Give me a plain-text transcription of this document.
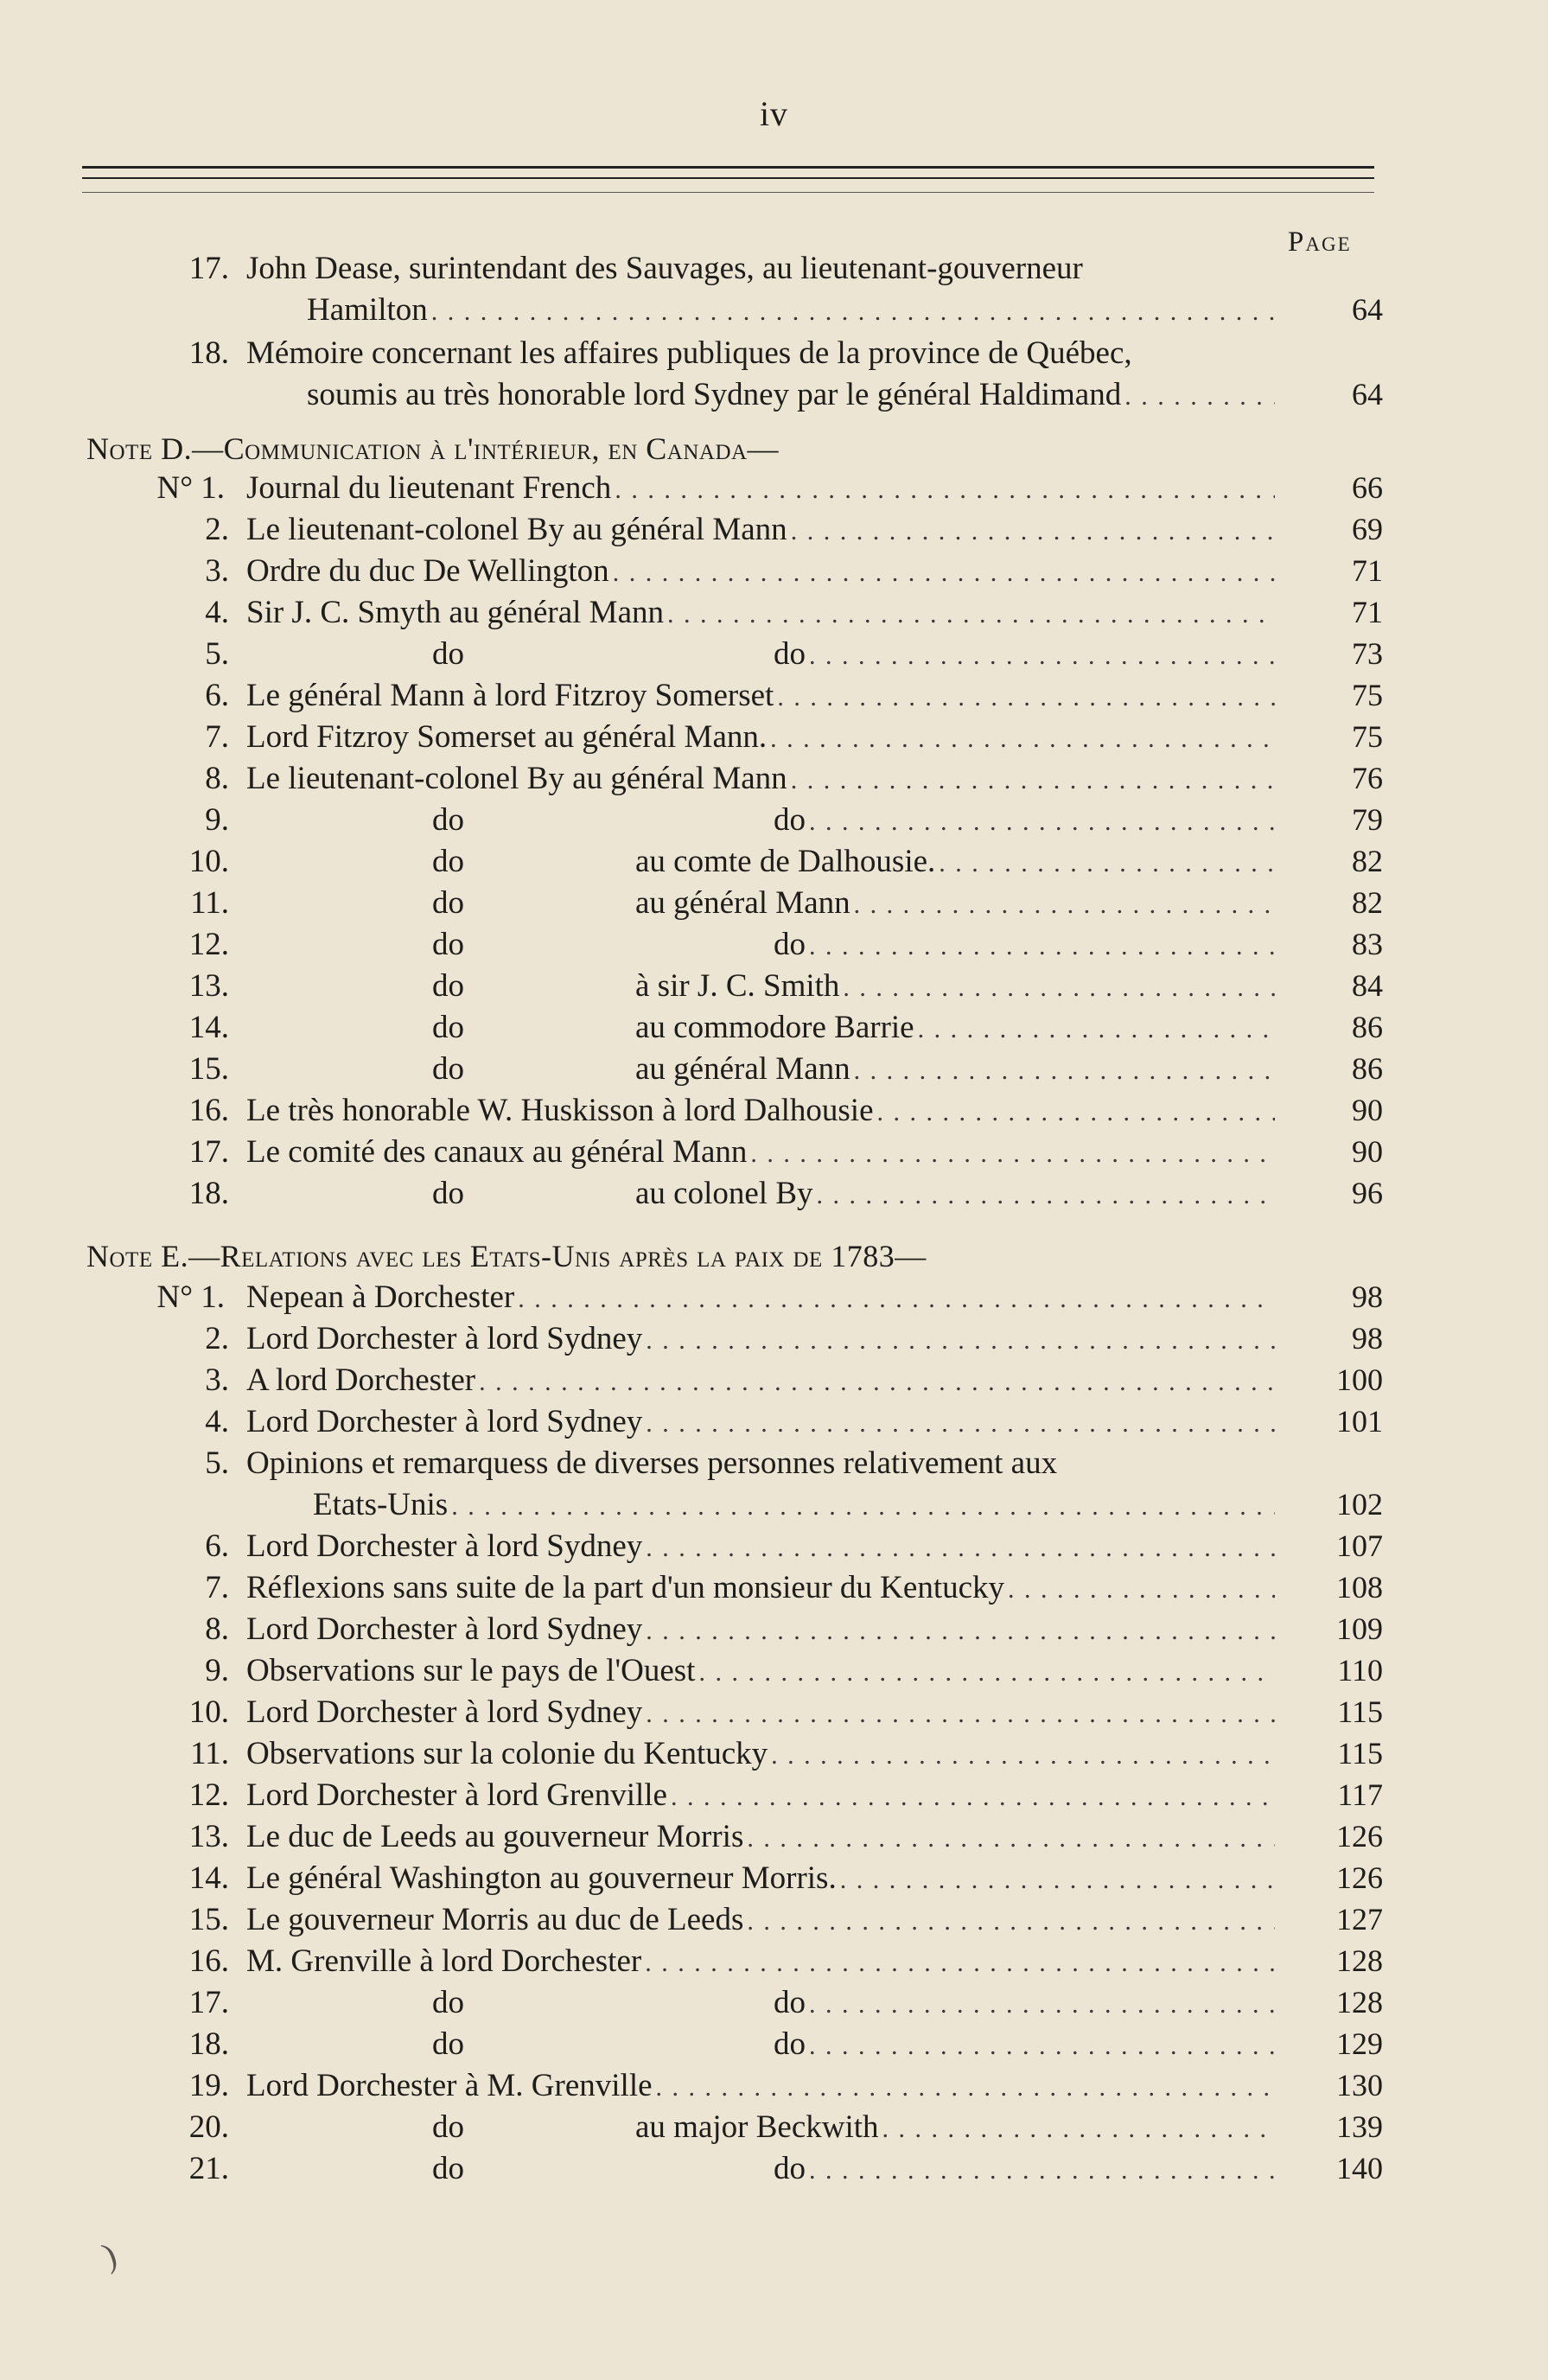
iv
Page
17. John Dease, surintendant des Sauvages, au lieutenant-gouverneur
Hamilton . . .	64
18. Mémoire concernant les affaires publiques de la province de Québec,
soumis au très honorable lord Sydney par le général Haldimand . . .	64
Note D.—Communication à l'intérieur, en Canada—
N° 1. Journal du lieutenant French . . .	66
2. Le lieutenant-colonel By au général Mann . . .	69
3. Ordre du duc De Wellington . . .	71
4. Sir J. C. Smyth au général Mann . . .	71
5.	do	do . . .	73
6. Le général Mann à lord Fitzroy Somerset . . .	75
7. Lord Fitzroy Somerset au général Mann. . . .	75
8. Le lieutenant-colonel By au général Mann . . .	76
9.	do	do . . .	79
10.	do	au comte de Dalhousie. . . .	82
11.	do	au général Mann . . .	82
12.	do	do . . .	83
13.	do	à sir J. C. Smith . . .	84
14.	do	au commodore Barrie . . .	86
15.	do	au général Mann . . .	86
16. Le très honorable W. Huskisson à lord Dalhousie . . .	90
17. Le comité des canaux au général Mann . . .	90
18.	do	au colonel By . . .	96
Note E.—Relations avec les Etats-Unis après la paix de 1783—
N° 1. Nepean à Dorchester . . .	98
2. Lord Dorchester à lord Sydney . . .	98
3. A lord Dorchester . . .	100
4. Lord Dorchester à lord Sydney . . .	101
5. Opinions et remarquess de diverses personnes relativement aux
Etats-Unis . . .	102
6. Lord Dorchester à lord Sydney . . .	107
7. Réflexions sans suite de la part d'un monsieur du Kentucky . . .	108
8. Lord Dorchester à lord Sydney . . .	109
9. Observations sur le pays de l'Ouest . . .	110
10. Lord Dorchester à lord Sydney . . .	115
11. Observations sur la colonie du Kentucky . . .	115
12. Lord Dorchester à lord Grenville . . .	117
13. Le duc de Leeds au gouverneur Morris . . .	126
14. Le général Washington au gouverneur Morris. . . .	126
15. Le gouverneur Morris au duc de Leeds . . .	127
16. M. Grenville à lord Dorchester . . .	128
17.	do	do . . .	128
18.	do	do . . .	129
19. Lord Dorchester à M. Grenville . . .	130
20.	do	au major Beckwith . . .	139
21.	do	do . . .	140
)
